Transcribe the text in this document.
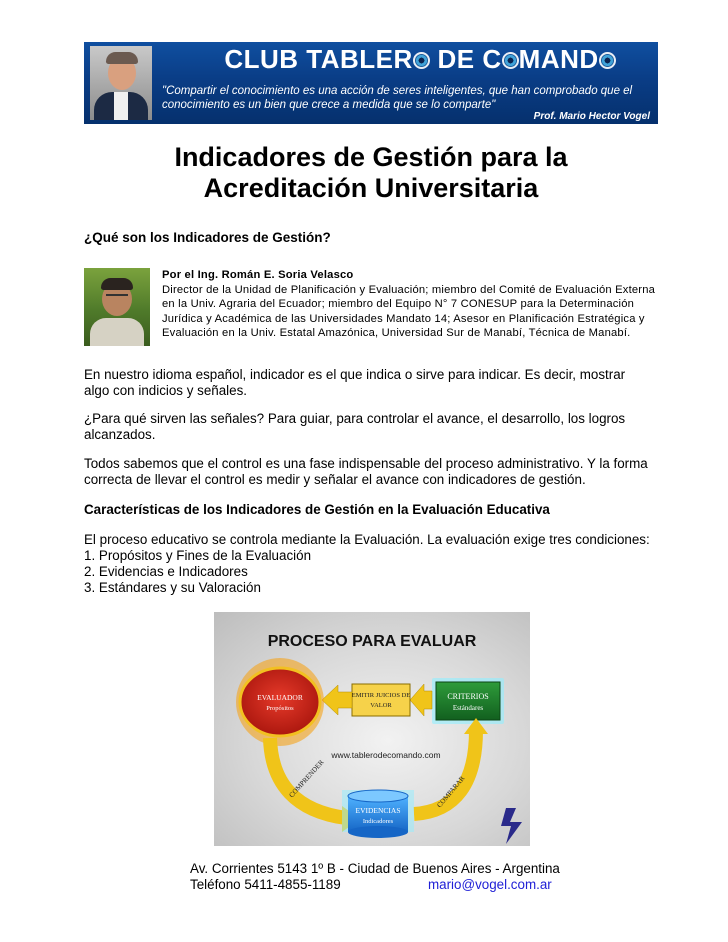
CLUB TABLER DE C MAND
"Compartir el conocimiento es una acción de seres inteligentes, que han comprobado que el conocimiento es un bien que crece a medida que se lo comparte"
Prof. Mario Hector Vogel
Indicadores de Gestión para la
Acreditación Universitaria
¿Qué son los Indicadores de Gestión?
Por el Ing. Román E. Soria Velasco
Director de la Unidad de Planificación y Evaluación; miembro del Comité de Evaluación Externa en la Univ. Agraria del Ecuador; miembro del Equipo N° 7 CONESUP para la Determinación Jurídica y Académica de las Universidades Mandato 14; Asesor en Planificación Estratégica y Evaluación en la Univ. Estatal Amazónica, Universidad Sur de Manabí, Técnica de Manabí.
En nuestro idioma español, indicador es el que indica o sirve para indicar. Es decir, mostrar algo con indicios y señales.
¿Para qué sirven las señales? Para guiar, para controlar el avance, el desarrollo, los logros alcanzados.
Todos sabemos que el control es una fase indispensable del proceso administrativo. Y la forma correcta de llevar el control es medir y señalar el avance con indicadores de gestión.
Características de los Indicadores de Gestión en la Evaluación Educativa
El proceso educativo se controla mediante la Evaluación. La evaluación exige tres condiciones:
1. Propósitos y Fines de la Evaluación
2. Evidencias e Indicadores
3. Estándares y su Valoración
PROCESO PARA EVALUAR
CRITERIOS
Estándares
EMITIR JUICIOS DE
VALOR
EVALUADOR
Propósitos
www.tablerodecomando.com
COMPRENDER	COMPARAR
EVIDENCIAS
Indicadores
Av. Corrientes 5143 1º B - Ciudad de Buenos Aires - Argentina
Teléfono 5411-4855-1189	mario@vogel.com.ar
